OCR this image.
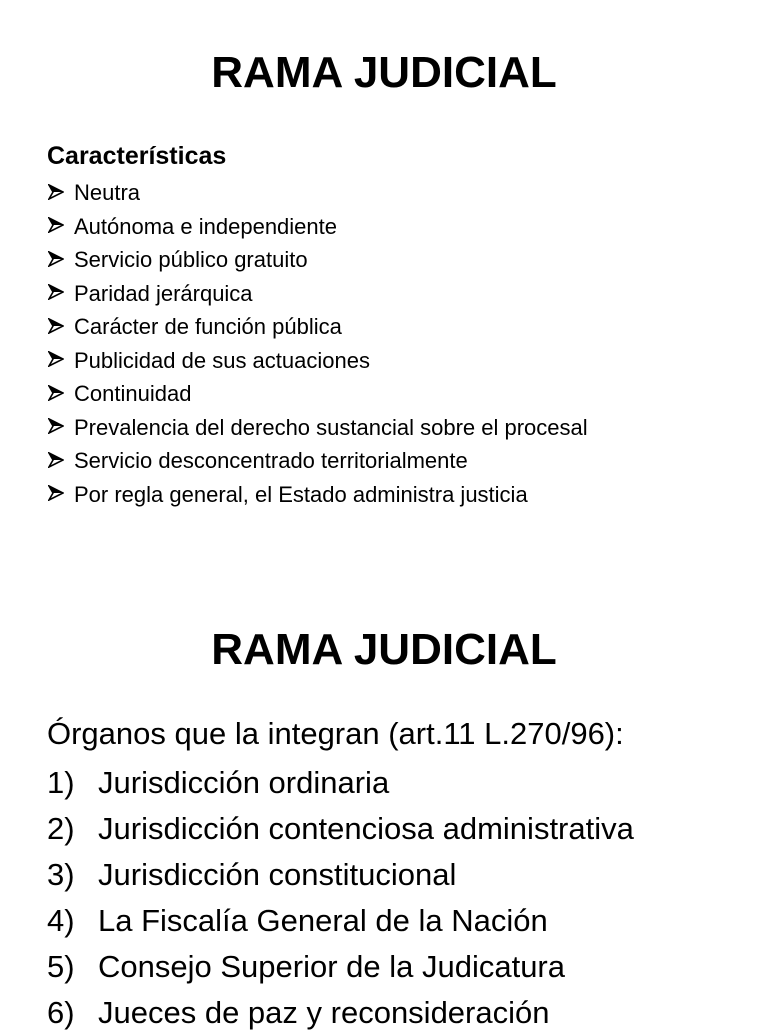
RAMA JUDICIAL
Características
Neutra
Autónoma e independiente
Servicio público gratuito
Paridad jerárquica
Carácter de función pública
Publicidad de sus actuaciones
Continuidad
Prevalencia del derecho sustancial sobre el procesal
Servicio desconcentrado territorialmente
Por regla general, el Estado administra justicia
RAMA JUDICIAL

Órganos que la integran (art.11 L.270/96):

1) Jurisdicción ordinaria
2) Jurisdicción contenciosa administrativa
3) Jurisdicción constitucional
4) La Fiscalía General de la Nación
5) Consejo Superior de la Judicatura
6) Jueces de paz y reconsideración
